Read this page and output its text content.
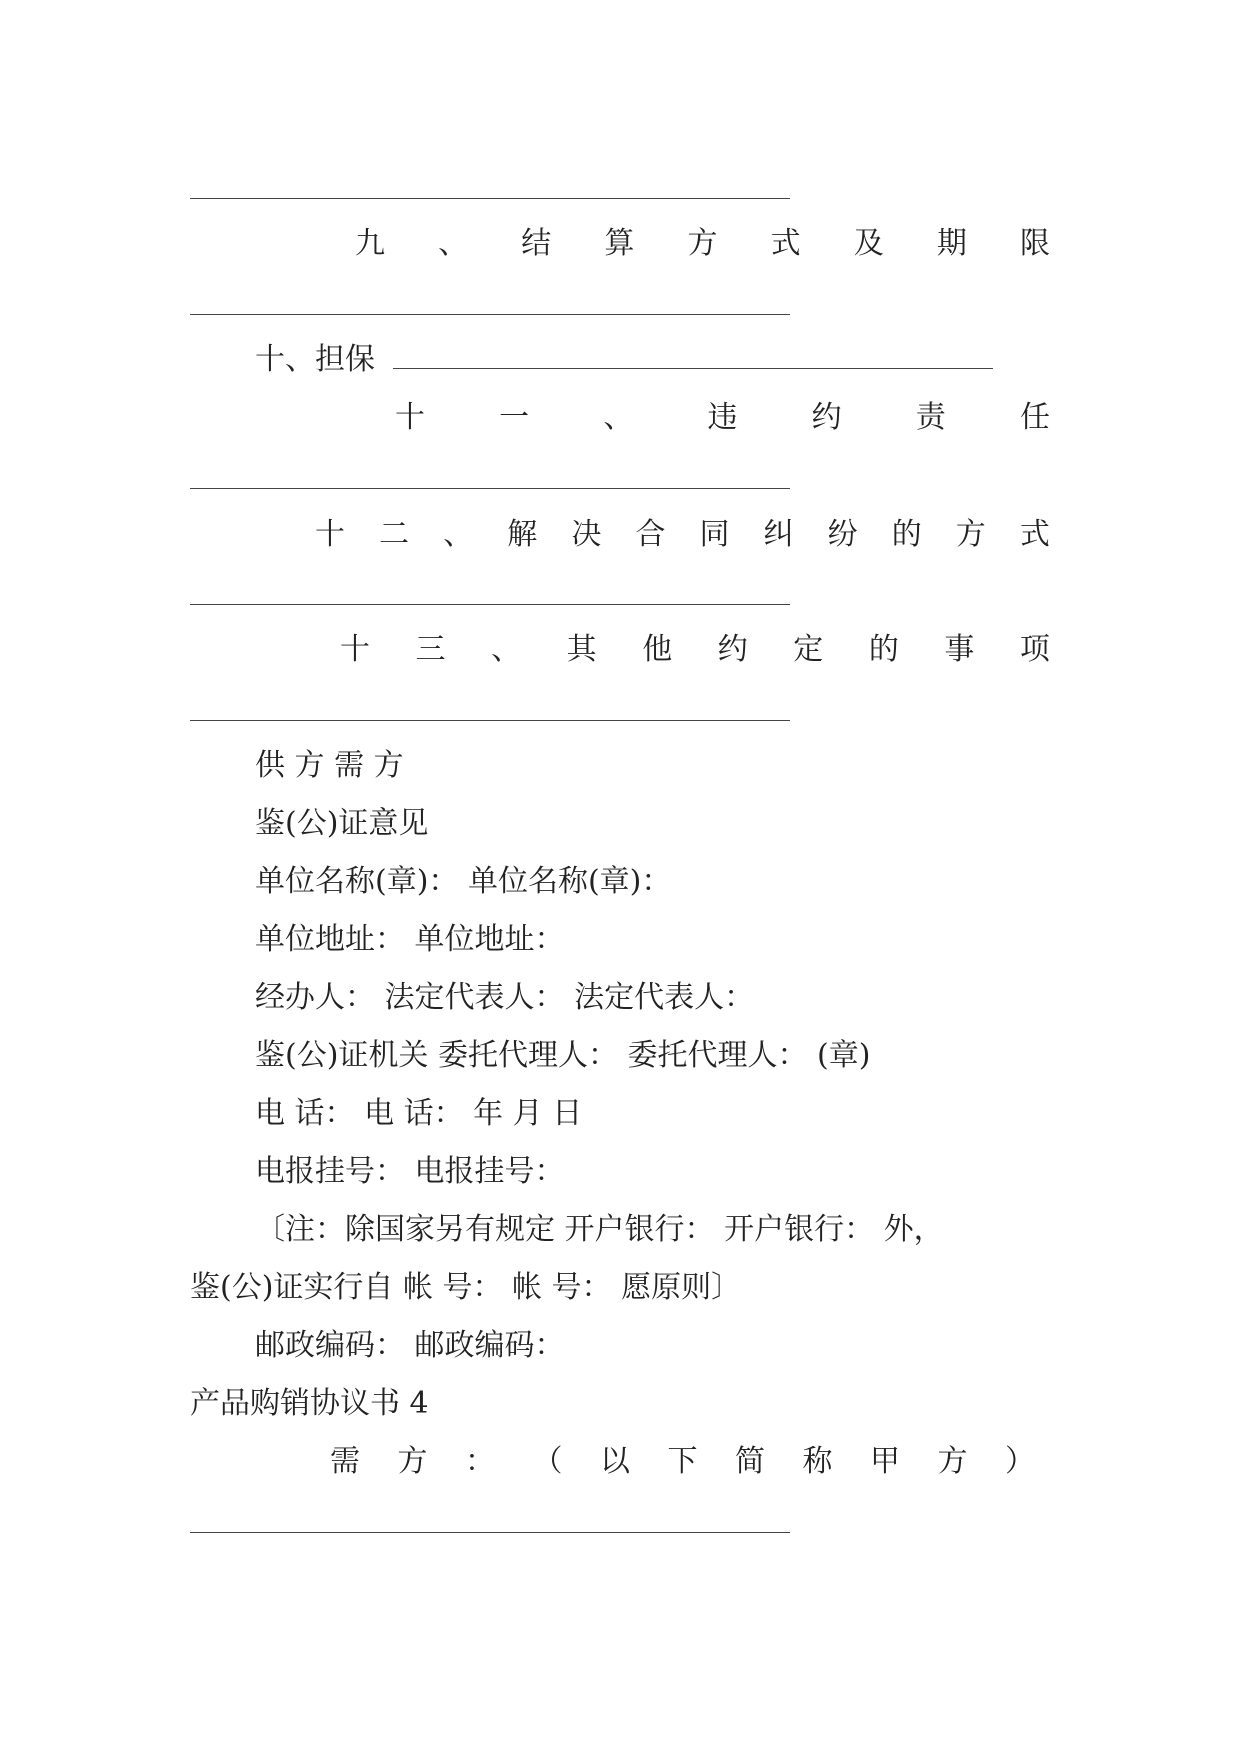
九 、 结 算 方 式 及 期 限
十、担保
十 一 、 违 约 责 任
十 二 、 解 决 合 同 纠 纷 的 方 式
十 三 、 其 他 约 定 的 事 项
供 方 需 方
鉴(公)证意见
单位名称(章)： 单位名称(章)：
单位地址： 单位地址：
经办人： 法定代表人： 法定代表人：
鉴(公)证机关 委托代理人： 委托代理人： (章)
电 话： 电 话： 年 月 日
电报挂号： 电报挂号：
〔注：除国家另有规定 开户银行： 开户银行： 外，
鉴(公)证实行自 帐 号： 帐 号： 愿原则〕
邮政编码： 邮政编码：
产品购销协议书 4
需 方 ： （ 以 下 简 称 甲 方 ）
